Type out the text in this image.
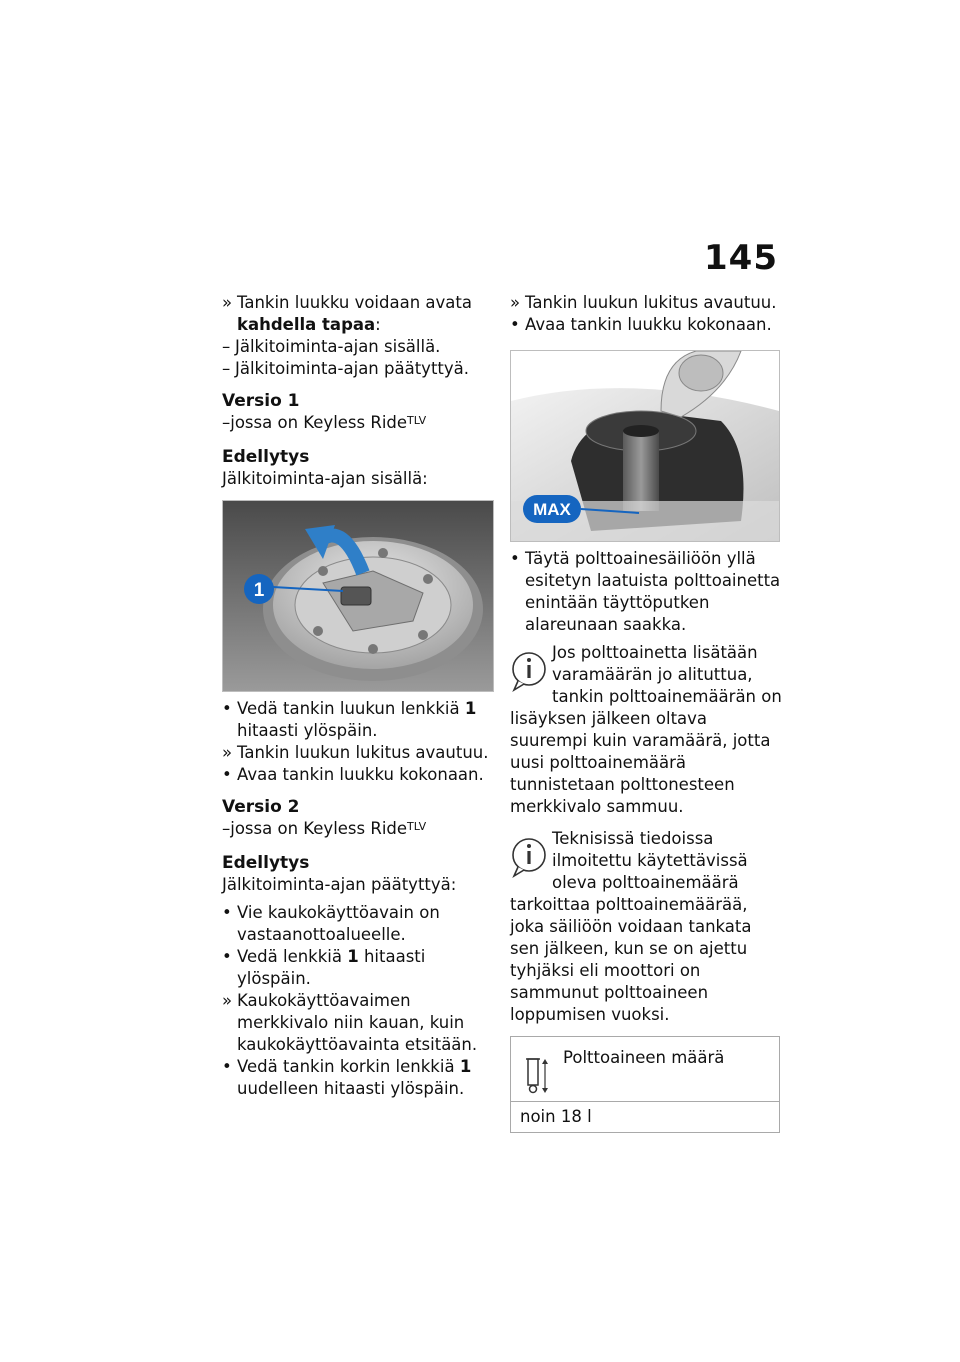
145
» Tankin luukku voidaan avata kahdella tapaa:
– Jälkitoiminta-ajan sisällä.
– Jälkitoiminta-ajan päätyttyä.
Versio 1
–jossa on Keyless Ride$^{TLV}$
Edellytys
Jälkitoiminta-ajan sisällä:
1
• Vedä tankin luukun lenkkiä 1 hitaasti ylöspäin.
» Tankin luukun lukitus avautuu.
• Avaa tankin luukku kokonaan.
Versio 2
–jossa on Keyless Ride$^{TLV}$
Edellytys
Jälkitoiminta-ajan päätyttyä:
• Vie kaukokäyttöavain on vastaanottoalueelle.
• Vedä lenkkiä 1 hitaasti ylöspäin.
» Kaukokäyttöavaimen merkkivalo niin kauan, kuin kaukokäyttöavainta etsitään.
• Vedä tankin korkin lenkkiä 1 uudelleen hitaasti ylöspäin.
» Tankin luukun lukitus avautuu.
• Avaa tankin luukku kokonaan.
MAX
• Täytä polttoainesäiliöön yllä esitetyn laatuista polttoainetta enintään täyttöputken alareunaan saakka.
Jos polttoainetta lisätään varamäärän jo alituttua, tankin polttoainemäärän on lisäyksen jälkeen oltava suurempi kuin varamäärä, jotta uusi polttoainemäärä tunnistetaan polttonesteen merkkivalo sammuu.
Teknisissä tiedoissa ilmoitettu käytettävissä oleva polttoainemäärä tarkoittaa polttoainemäärää, joka säiliöön voidaan tankata sen jälkeen, kun se on ajettu tyhjäksi eli moottori on sammunut polttoaineen loppumisen vuoksi.
Polttoaineen määrä
noin 18 l
